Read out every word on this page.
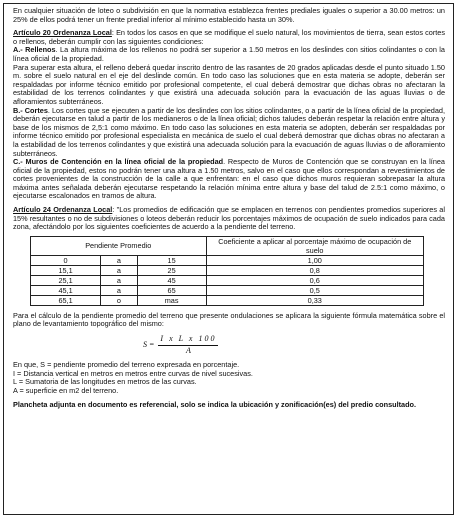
En cualquier situación de loteo o subdivisión en que la normativa establezca frentes prediales iguales o superior a 30.00 metros: un 25% de ellos podrá tener un frente predial inferior al mínimo establecido hasta un 30%.

Artículo 20 Ordenanza Local: En todos los casos en que se modifique el suelo natural, los movimientos de tierra, sean estos cortes o rellenos, deberán cumplir con las siguientes condiciones:

A.- Rellenos. La altura máxima de los rellenos no podrá ser superior a 1.50 metros en los deslindes con sitios colindantes o con la línea oficial de la propiedad.

Para superar esta altura, el relleno deberá quedar inscrito dentro de las rasantes de 20 grados aplicadas desde el punto situado 1.50 m. sobre el suelo natural en el eje del deslinde común. En todo caso las soluciones que en esta materia se adopte, deberán ser respaldadas por informe técnico emitido por profesional competente, el cual deberá demostrar que dichas obras no afectaran la estabilidad de los terrenos colindantes y que existirá una adecuada solución para la evacuación de las aguas lluvias o de afloramientos subterráneos.

B.- Cortes. Los cortes que se ejecuten a partir de los deslindes con los sitios colindantes, o a partir de la línea oficial de la propiedad, deberán ejecutarse en talud a partir de los medianeros o de la línea oficial; dichos taludes deberán respetar la relación entre altura y base de los mismos de 2,5:1 como máximo. En todo caso las soluciones en esta materia se adopten, deberán ser respaldadas por informe técnico emitido por profesional especialista en mecánica de suelo el cual deberá demostrar que dichas obras no afectaran a la estabilidad de los terrenos colindantes y que existirá una adecuada solución para la evacuación de aguas lluvias o de afloramiento subterráneos.

C.- Muros de Contención en la línea oficial de la propiedad. Respecto de Muros de Contención que se construyan en la línea oficial de la propiedad, estos no podrán tener una altura a 1.50 metros, salvo en el caso que ellos correspondan a revestimientos de cortes provenientes de la construcción de la calle a que enfrentan: en el caso que dichos muros requieran sobrepasar la altura máxima antes señalada deberán ejecutarse respetando la relación mínima entre altura y base del talud de 2.5:1 como máximo, o ejecutarse escalonados en tramos de altura.

Artículo 24 Ordenanza Local: "Los promedios de edificación que se emplacen en terrenos con pendientes promedios superiores al 15% resultantes o no de subdivisiones o loteos deberán reducir los porcentajes máximos de ocupación de suelo indicados para cada zona, afectándolo por los siguientes coeficientes de acuerdo a la pendiente del terreno.

Pendiente Promedio			Coeficiente a aplicar al porcentaje máximo de ocupación de suelo
0	a	15	1,00
15,1	a	25	0,8
25,1	a	45	0,6
45,1	a	65	0,5
65,1	o	mas	0,33

Para el cálculo de la pendiente promedio del terreno que presente ondulaciones se aplicara la siguiente fórmula matemática sobre el plano de levantamiento topográfico del mismo:

$S = \frac{\text{I x L x 100}}{A}$

En que, S = pendiente promedio del terreno expresada en porcentaje.

I = Distancia vertical en metros en metros entre curvas de nivel sucesivas.

L = Sumatoria de las longitudes en metros de las curvas.

A = superficie en m2 del terreno.

Plancheta adjunta en documento es referencial, solo se indica la ubicación y zonificación(es) del predio consultado.
